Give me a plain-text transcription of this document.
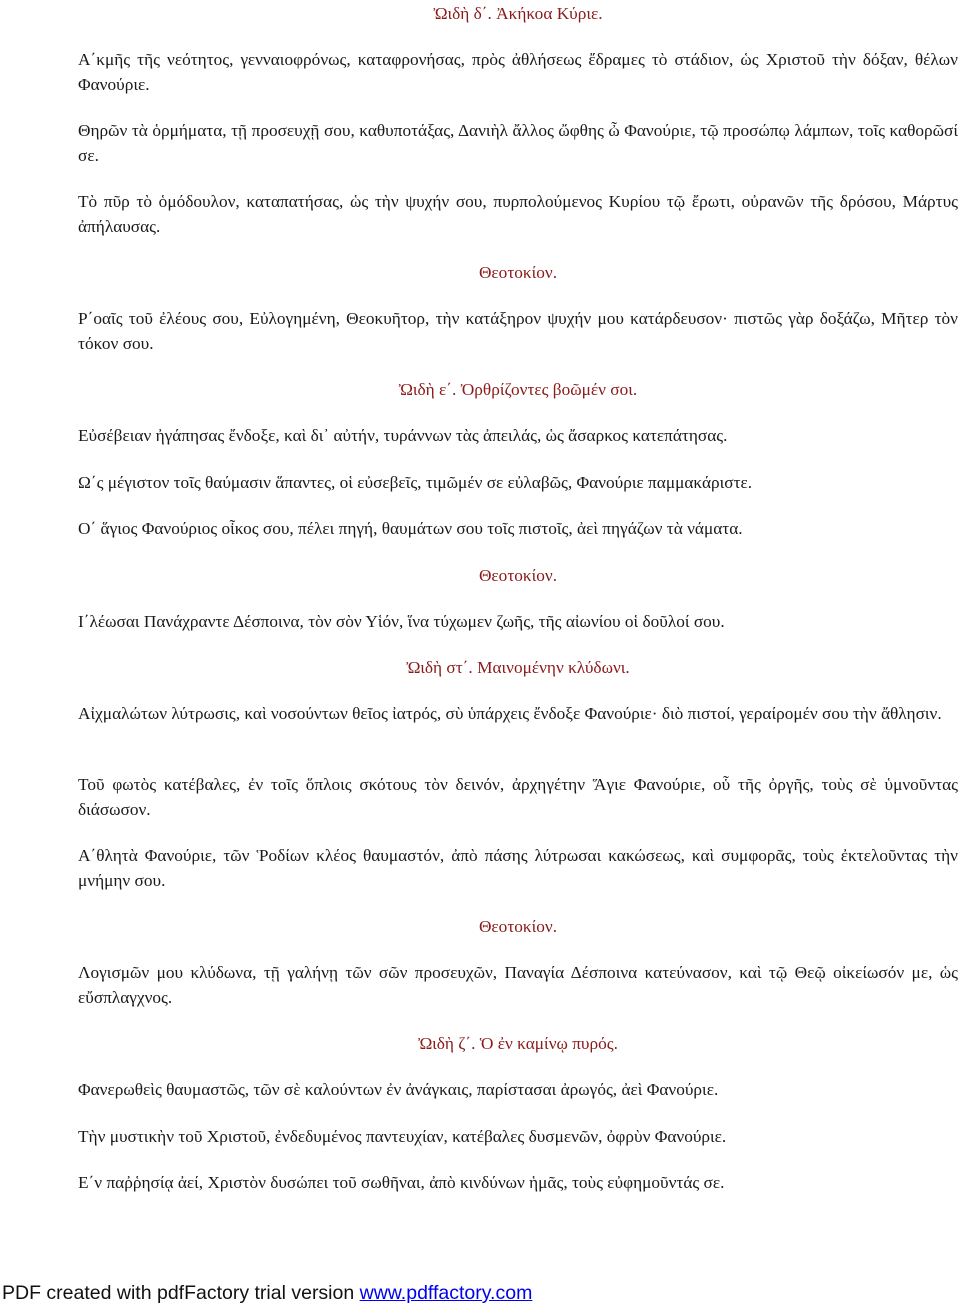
Ὠιδὴ δ΄. Ἀκήκοα Κύριε.

Α΄κμῆς τῆς νεότητος, γενναιοφρόνως, καταφρονήσας, πρὸς ἀθλήσεως ἔδραμες τὸ στάδιον, ὡς Χριστοῦ τὴν δόξαν, θέλων Φανούριε.

Θηρῶν τὰ ὁρμήματα, τῇ προσευχῇ σου, καθυποτάξας, Δανιὴλ ἄλλος ὤφθης ὦ Φανούριε, τῷ προσώπῳ λάμπων, τοῖς καθορῶσί σε.

Τὸ πῦρ τὸ ὁμόδουλον, καταπατήσας, ὡς τὴν ψυχήν σου, πυρπολούμενος Κυρίου τῷ ἔρωτι, οὐρανῶν τῆς δρόσου, Μάρτυς ἀπήλαυσας.

Θεοτοκίον.

Ρ΄οαῖς τοῦ ἐλέους σου, Εὐλογημένη, Θεοκυῆτορ, τὴν κατάξηρον ψυχήν μου κατάρδευσον· πιστῶς γὰρ δοξάζω, Μῆτερ τὸν τόκον σου.

Ὠιδὴ ε΄. Ὀρθρίζοντες βοῶμέν σοι.

Εὐσέβειαν ἠγάπησας ἔνδοξε, καὶ δι᾽ αὐτήν, τυράννων τὰς ἀπειλάς, ὡς ἄσαρκος κατεπάτησας.

Ω΄ς μέγιστον τοῖς θαύμασιν ἅπαντες, οἱ εὐσεβεῖς, τιμῶμέν σε εὐλαβῶς, Φανούριε παμμακάριστε.

Ο΄ ἅγιος Φανούριος οἶκος σου, πέλει πηγή, θαυμάτων σου τοῖς πιστοῖς, ἀεὶ πηγάζων τὰ νάματα.

Θεοτοκίον.

Ι΄λέωσαι Πανάχραντε Δέσποινα, τὸν σὸν Υἱόν, ἵνα τύχωμεν ζωῆς, τῆς αἰωνίου οἱ δοῦλοί σου.

Ὠιδὴ στ΄. Μαινομένην κλύδωνι.

Αἰχμαλώτων λύτρωσις, καὶ νοσούντων θεῖος ἰατρός, σὺ ὑπάρχεις ἔνδοξε Φανούριε· διὸ πιστοί, γεραίρομέν σου τὴν ἄθλησιν.

Τοῦ φωτὸς κατέβαλες, ἐν τοῖς ὅπλοις σκότους τὸν δεινόν, ἀρχηγέτην Ἅγιε Φανούριε, οὗ τῆς ὀργῆς, τοὺς σὲ ὑμνοῦντας διάσωσον.

Α΄θλητὰ Φανούριε, τῶν Ῥοδίων κλέος θαυμαστόν, ἀπὸ πάσης λύτρωσαι κακώσεως, καὶ συμφορᾶς, τοὺς ἐκτελοῦντας τὴν μνήμην σου.

Θεοτοκίον.

Λογισμῶν μου κλύδωνα, τῇ γαλήνῃ τῶν σῶν προσευχῶν, Παναγία Δέσποινα κατεύνασον, καὶ τῷ Θεῷ οἰκείωσόν με, ὡς εὔσπλαγχνος.

Ὠιδὴ ζ΄. Ὁ ἐν καμίνῳ πυρός.

Φανερωθεὶς θαυμαστῶς, τῶν σὲ καλούντων ἐν ἀνάγκαις, παρίστασαι ἀρωγός, ἀεὶ Φανούριε.

Τὴν μυστικὴν τοῦ Χριστοῦ, ἐνδεδυμένος παντευχίαν, κατέβαλες δυσμενῶν, ὀφρὺν Φανούριε.

Ε΄ν παῤῥησίᾳ ἀεί, Χριστὸν δυσώπει τοῦ σωθῆναι, ἀπὸ κινδύνων ἡμᾶς, τοὺς εὐφημοῦντάς σε.

PDF created with pdfFactory trial version www.pdffactory.com
